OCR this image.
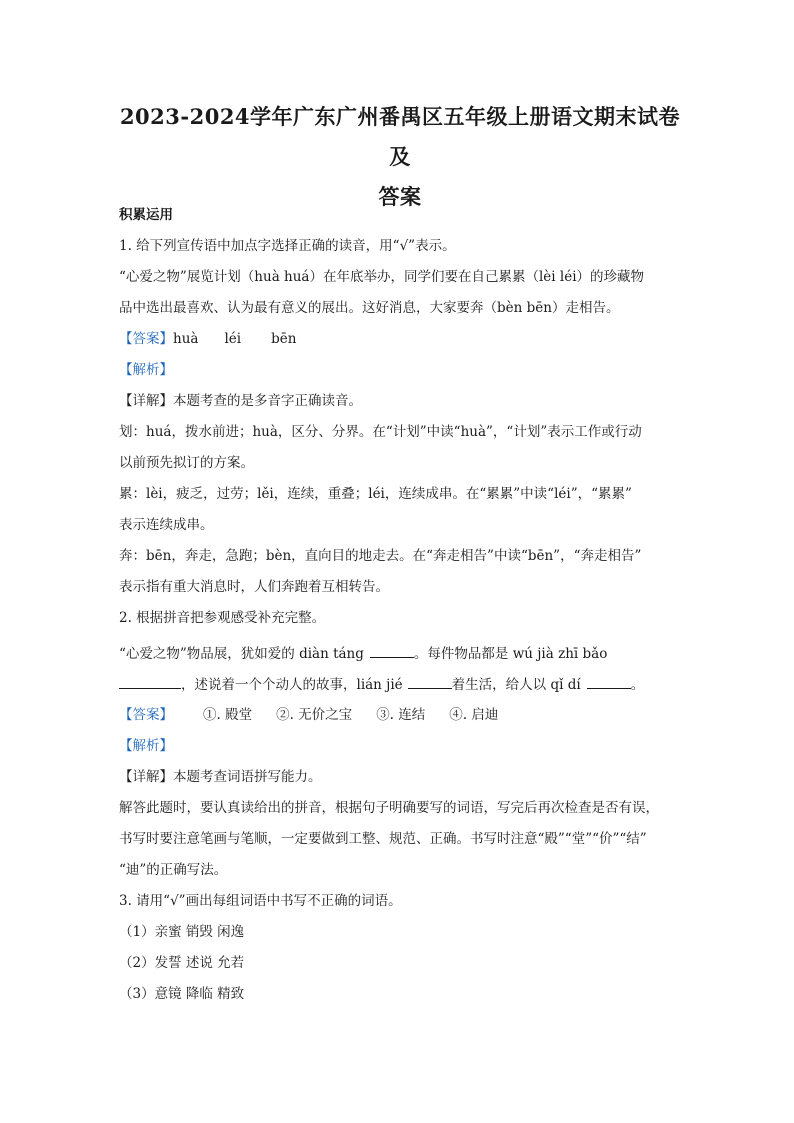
2023-2024学年广东广州番禺区五年级上册语文期末试卷及
答案
积累运用
1. 给下列宣传语中加点字选择正确的读音，用“√”表示。
“心爱之物”展览计划（huà huá）在年底举办，同学们要在自己累累（lèi léi）的珍藏物
品中选出最喜欢、认为最有意义的展出。这好消息，大家要奔（bèn bēn）走相告。
【答案】huà léi bēn
【解析】
【详解】本题考查的是多音字正确读音。
划：huá，拨水前进；huà，区分、分界。在“计划”中读“huà”，“计划”表示工作或行动
以前预先拟订的方案。
累：lèi，疲乏，过劳；lěi，连续，重叠；léi，连续成串。在“累累”中读“léi”，“累累”
表示连续成串。
奔：bēn，奔走，急跑；bèn，直向目的地走去。在“奔走相告”中读“bēn”，“奔走相告”
表示指有重大消息时，人们奔跑着互相转告。
2. 根据拼音把参观感受补充完整。
“心爱之物”物品展，犹如爱的 diàn táng	。每件物品都是 wú jià zhī bǎo
，述说着一个个动人的故事，lián jié	着生活，给人以 qǐ dí	。
【答案】 ①. 殿堂 ②. 无价之宝 ③. 连结 ④. 启迪
【解析】
【详解】本题考查词语拼写能力。
解答此题时，要认真读给出的拼音，根据句子明确要写的词语，写完后再次检查是否有误，
书写时要注意笔画与笔顺，一定要做到工整、规范、正确。书写时注意“殿”“堂”“价”“结”
“迪”的正确写法。
3. 请用“√”画出每组词语中书写不正确的词语。
（1）亲蜜 销毁 闲逸
（2）发誓 述说 允若
（3）意镜 降临 精致
